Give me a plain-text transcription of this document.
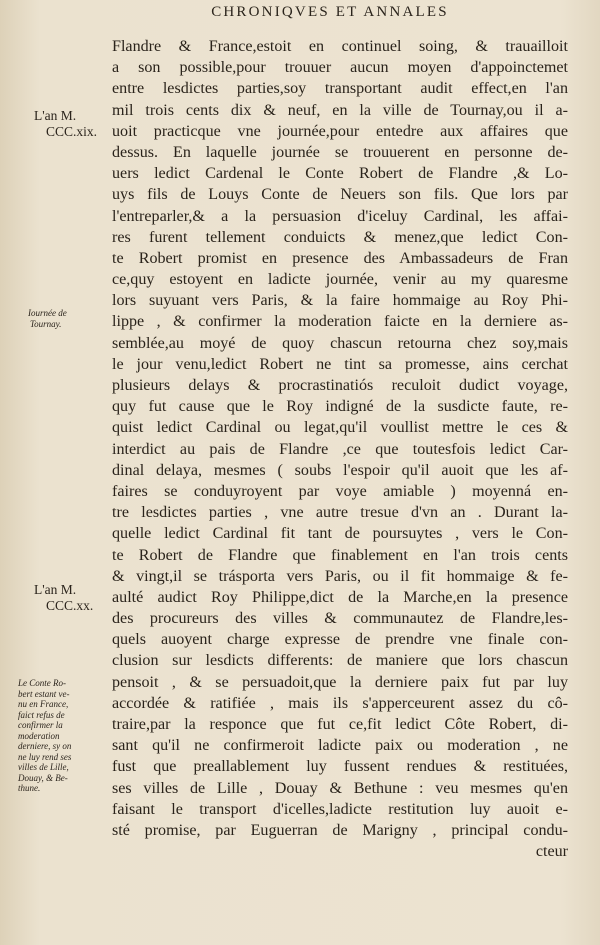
CHRONIQVES ET ANNALES
Flandre & France,estoit en continuel soing, & trauailloit
a son possible,pour trouuer aucun moyen d'appoinctemet
entre lesdictes parties,soy transportant audit effect,en l'an
mil trois cents dix & neuf, en la ville de Tournay,ou il a-
uoit practicque vne journée,pour entedre aux affaires que
dessus. En laquelle journée se trouuerent en personne de-
uers ledict Cardenal le Conte Robert de Flandre ,& Lo-
uys fils de Louys Conte de Neuers son fils. Que lors par
l'entreparler,& a la persuasion d'iceluy Cardinal, les affai-
res furent tellement conduicts & menez,que ledict Con-
te Robert promist en presence des Ambassadeurs de Fran
ce,quy estoyent en ladicte journée, venir au my quaresme
lors suyuant vers Paris, & la faire hommaige au Roy Phi-
lippe , & confirmer la moderation faicte en la derniere as-
semblée,au moyé de quoy chascun retourna chez soy,mais
le jour venu,ledict Robert ne tint sa promesse, ains cerchat
plusieurs delays & procrastinatiós reculoit dudict voyage,
quy fut cause que le Roy indigné de la susdicte faute, re-
quist ledict Cardinal ou legat,qu'il voullist mettre le ces &
interdict au pais de Flandre ,ce que toutesfois ledict Car-
dinal delaya, mesmes ( soubs l'espoir qu'il auoit que les af-
faires se conduyroyent par voye amiable ) moyenná en-
tre lesdictes parties , vne autre tresue d'vn an . Durant la-
quelle ledict Cardinal fit tant de poursuytes , vers le Con-
te Robert de Flandre que finablement en l'an trois cents
& vingt,il se trásporta vers Paris, ou il fit hommaige & fe-
aulté audict Roy Philippe,dict de la Marche,en la presence
des procureurs des villes & communautez de Flandre,les-
quels auoyent charge expresse de prendre vne finale con-
clusion sur lesdicts differents: de maniere que lors chascun
pensoit , & se persuadoit,que la derniere paix fut par luy
accordée & ratifiée , mais ils s'apperceurent assez du cô-
traire,par la responce que fut ce,fit ledict Côte Robert, di-
sant qu'il ne confirmeroit ladicte paix ou moderation , ne
fust que preallablement luy fussent rendues & restituées,
ses villes de Lille , Douay & Bethune : veu mesmes qu'en
faisant le transport d'icelles,ladicte restitution luy auoit e-
sté promise, par Euguerran de Marigny , principal condu-
cteur
L'an M.
CCC.xix.
Iournée de
Tournay.
L'an M.
CCC.xx.
Le Conte Ro-
bert estant ve-
nu en France,
faict refus de
confirmer la
moderation
derniere, sy on
ne luy rend ses
villes de Lille,
Douay, & Be-
thune.
